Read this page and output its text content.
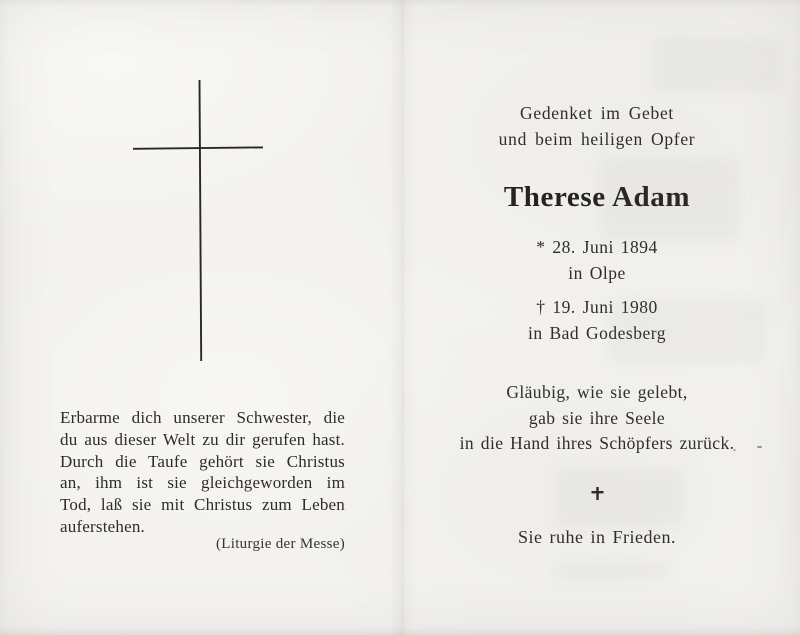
Erbarme dich unserer Schwester, die
du aus dieser Welt zu dir gerufen hast.
Durch die Taufe gehört sie Christus
an, ihm ist sie gleichgeworden im
Tod, laß sie mit Christus zum Leben
auferstehen.
(Liturgie der Messe)
Gedenket im Gebet
und beim heiligen Opfer
Therese Adam
* 28. Juni 1894
in Olpe
† 19. Juni 1980
in Bad Godesberg
Gläubig, wie sie gelebt,
gab sie ihre Seele
in die Hand ihres Schöpfers zurück.
Sie ruhe in Frieden.
